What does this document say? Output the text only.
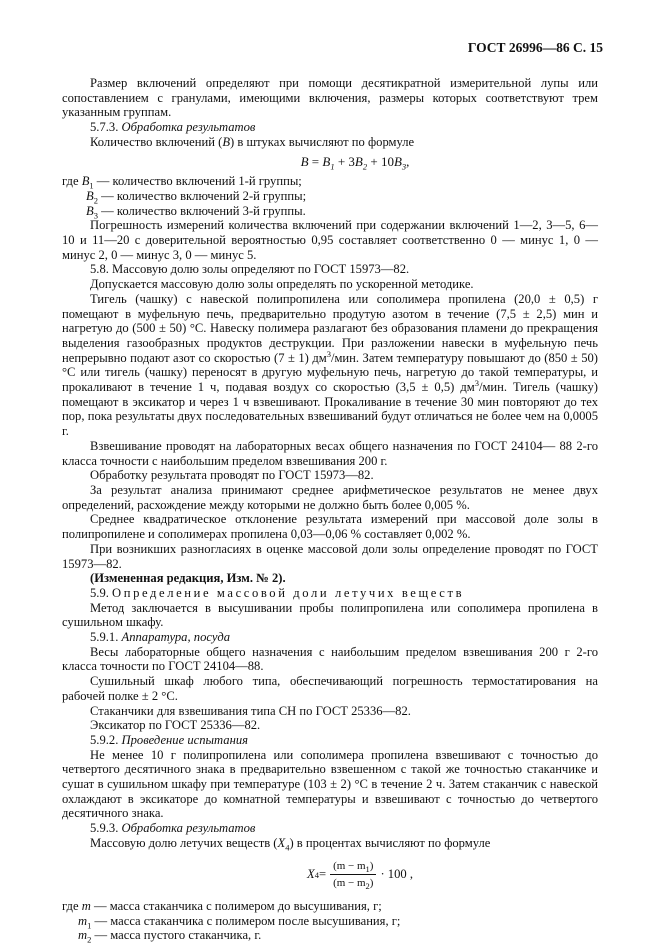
ГОСТ 26996—86 С. 15

Размер включений определяют при помощи десятикратной измерительной лупы или сопоставлением с гранулами, имеющими включения, размеры которых соответствуют трем указанным группам.

5.7.3. Обработка результатов

Количество включений (B) в штуках вычисляют по формуле

$B = B_1 + 3B_2 + 10B_3$,

где $B_1$ — количество включений 1-й группы;

$B_2$ — количество включений 2-й группы;

$B_3$ — количество включений 3-й группы.

Погрешность измерений количества включений при содержании включений 1—2, 3—5, 6—10 и 11—20 с доверительной вероятностью 0,95 составляет соответственно 0 — минус 1, 0 — минус 2, 0 — минус 3, 0 — минус 5.

5.8. Массовую долю золы определяют по ГОСТ 15973—82.

Допускается массовую долю золы определять по ускоренной методике.

Тигель (чашку) с навеской полипропилена или сополимера пропилена (20,0 ± 0,5) г помещают в муфельную печь, предварительно продутую азотом в течение (7,5 ± 2,5) мин и нагретую до (500 ± 50) °С. Навеску полимера разлагают без образования пламени до прекращения выделения газообразных продуктов деструкции. При разложении навески в муфельную печь непрерывно подают азот со скоростью (7 ± 1) $дм^3$/мин. Затем температуру повышают до (850 ± 50) °С или тигель (чашку) переносят в другую муфельную печь, нагретую до такой температуры, и прокаливают в течение 1 ч, подавая воздух со скоростью (3,5 ± 0,5) $дм^3$/мин. Тигель (чашку) помещают в эксикатор и через 1 ч взвешивают. Прокаливание в течение 30 мин повторяют до тех пор, пока результаты двух последовательных взвешиваний будут отличаться не более чем на 0,0005 г.

Взвешивание проводят на лабораторных весах общего назначения по ГОСТ 24104— 88 2-го класса точности с наибольшим пределом взвешивания 200 г.

Обработку результата проводят по ГОСТ 15973—82.

За результат анализа принимают среднее арифметическое результатов не менее двух определений, расхождение между которыми не должно быть более 0,005 %.

Среднее квадратическое отклонение результата измерений при массовой доле золы в полипропилене и сополимерах пропилена 0,03—0,06 % составляет 0,002 %.

При возникших разногласиях в оценке массовой доли золы определение проводят по ГОСТ 15973—82.

(Измененная редакция, Изм. № 2).

5.9. Определение массовой доли летучих веществ

Метод заключается в высушивании пробы полипропилена или сополимера пропилена в сушильном шкафу.

5.9.1. Аппаратура, посуда

Весы лабораторные общего назначения с наибольшим пределом взвешивания 200 г 2-го класса точности по ГОСТ 24104—88.

Сушильный шкаф любого типа, обеспечивающий погрешность термостатирования на рабочей полке ± 2 °С.

Стаканчики для взвешивания типа СН по ГОСТ 25336—82.

Эксикатор по ГОСТ 25336—82.

5.9.2. Проведение испытания

Не менее 10 г полипропилена или сополимера пропилена взвешивают с точностью до четвертого десятичного знака в предварительно взвешенном с такой же точностью стаканчике и сушат в сушильном шкафу при температуре (103 ± 2) °С в течение 2 ч. Затем стаканчик с навеской охлаждают в эксикаторе до комнатной температуры и взвешивают с точностью до четвертого десятичного знака.

5.9.3. Обработка результатов

Массовую долю летучих веществ $(X_4)$ в процентах вычисляют по формуле

X $4 = \frac{(m - m_1)}{(m - m_2)} \cdot 100$ ,

где m — масса стаканчика с полимером до высушивания, г;

$m_1$ — масса стаканчика с полимером после высушивания, г;

$m_2$ — масса пустого стаканчика, г.
